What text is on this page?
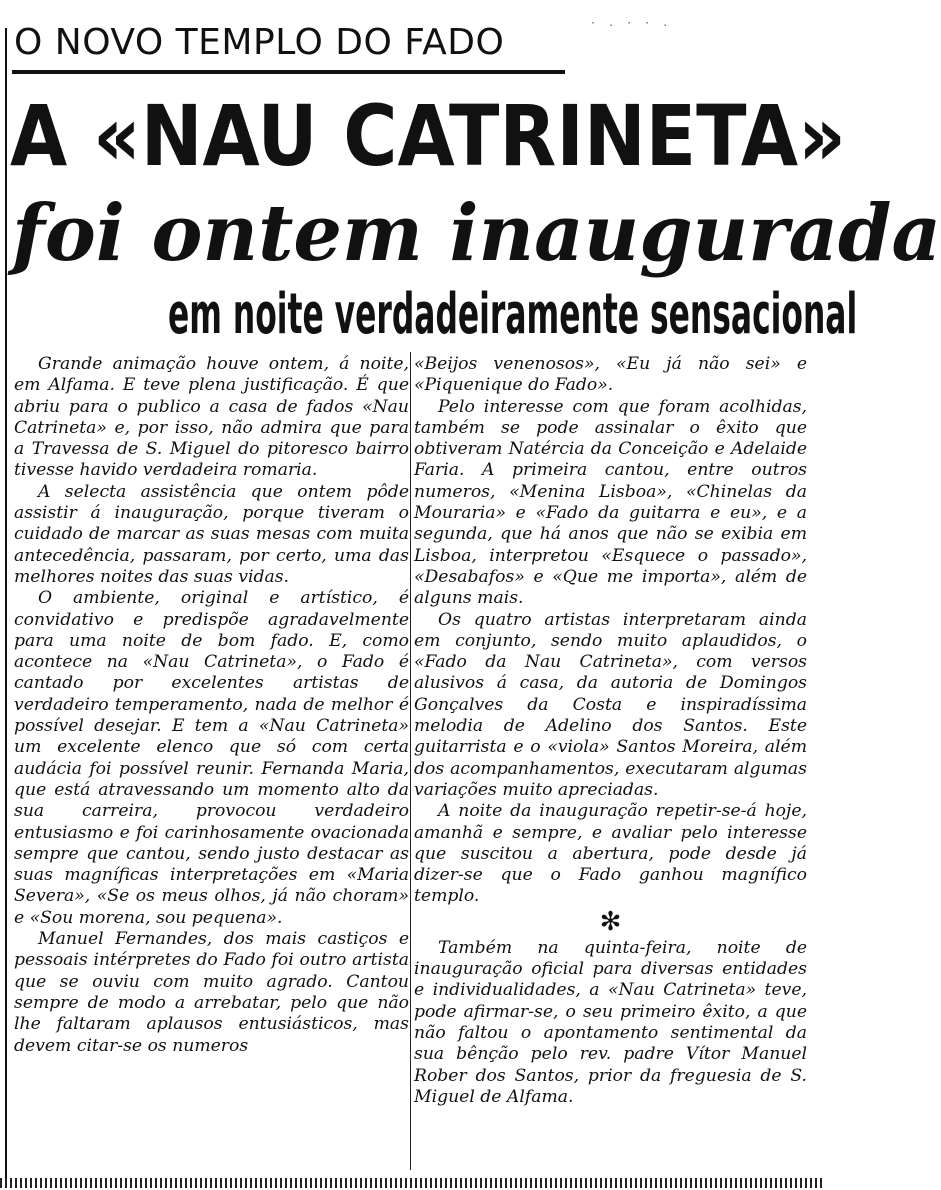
O NOVO TEMPLO DO FADO	· . · · .
A «NAU CATRINETA»
foi ontem inaugurada
em noite verdadeiramente sensacional

Grande animação houve ontem, á noite, em Alfama. E teve plena justificação. É que abriu para o publico a casa de fados «Nau Catrineta» e, por isso, não admira que para a Travessa de S. Miguel do pitoresco bairro tivesse havido verdadeira romaria.

A selecta assistência que ontem pôde assistir á inauguração, porque tiveram o cuidado de marcar as suas mesas com muita antecedência, passaram, por certo, uma das melhores noites das suas vidas.

O ambiente, original e artístico, é convidativo e predispõe agradavelmente para uma noite de bom fado. E, como acontece na «Nau Catrineta», o Fado é cantado por excelentes artistas de verdadeiro temperamento, nada de melhor é possível desejar. E tem a «Nau Catrineta» um excelente elenco que só com certa audácia foi possível reunir. Fernanda Maria, que está atravessando um momento alto da sua carreira, provocou verdadeiro entusiasmo e foi carinhosamente ovacionada sempre que cantou, sendo justo destacar as suas magníficas interpretações em «Maria Severa», «Se os meus olhos, já não choram» e «Sou morena, sou pequena».

Manuel Fernandes, dos mais castiços e pessoais intérpretes do Fado foi outro artista que se ouviu com muito agrado. Cantou sempre de modo a arrebatar, pelo que não lhe faltaram aplausos entusiásticos, mas devem citar-se os numeros

«Beijos venenosos», «Eu já não sei» e «Piquenique do Fado».

Pelo interesse com que foram acolhidas, também se pode assinalar o êxito que obtiveram Natércia da Conceição e Adelaide Faria. A primeira cantou, entre outros numeros, «Menina Lisboa», «Chinelas da Mouraria» e «Fado da guitarra e eu», e a segunda, que há anos que não se exibia em Lisboa, interpretou «Esquece o passado», «Desabafos» e «Que me importa», além de alguns mais.

Os quatro artistas interpretaram ainda em conjunto, sendo muito aplaudidos, o «Fado da Nau Catrineta», com versos alusivos á casa, da autoria de Domingos Gonçalves da Costa e inspiradíssima melodia de Adelino dos Santos. Este guitarrista e o «viola» Santos Moreira, além dos acompanhamentos, executaram algumas variações muito apreciadas.

A noite da inauguração repetir-se-á hoje, amanhã e sempre, e avaliar pelo interesse que suscitou a abertura, pode desde já dizer-se que o Fado ganhou magnífico templo.

✻

Também na quinta-feira, noite de inauguração oficial para diversas entidades e individualidades, a «Nau Catrineta» teve, pode afirmar-se, o seu primeiro êxito, a que não faltou o apontamento sentimental da sua bênção pelo rev. padre Vítor Manuel Rober dos Santos, prior da freguesia de S. Miguel de Alfama.
